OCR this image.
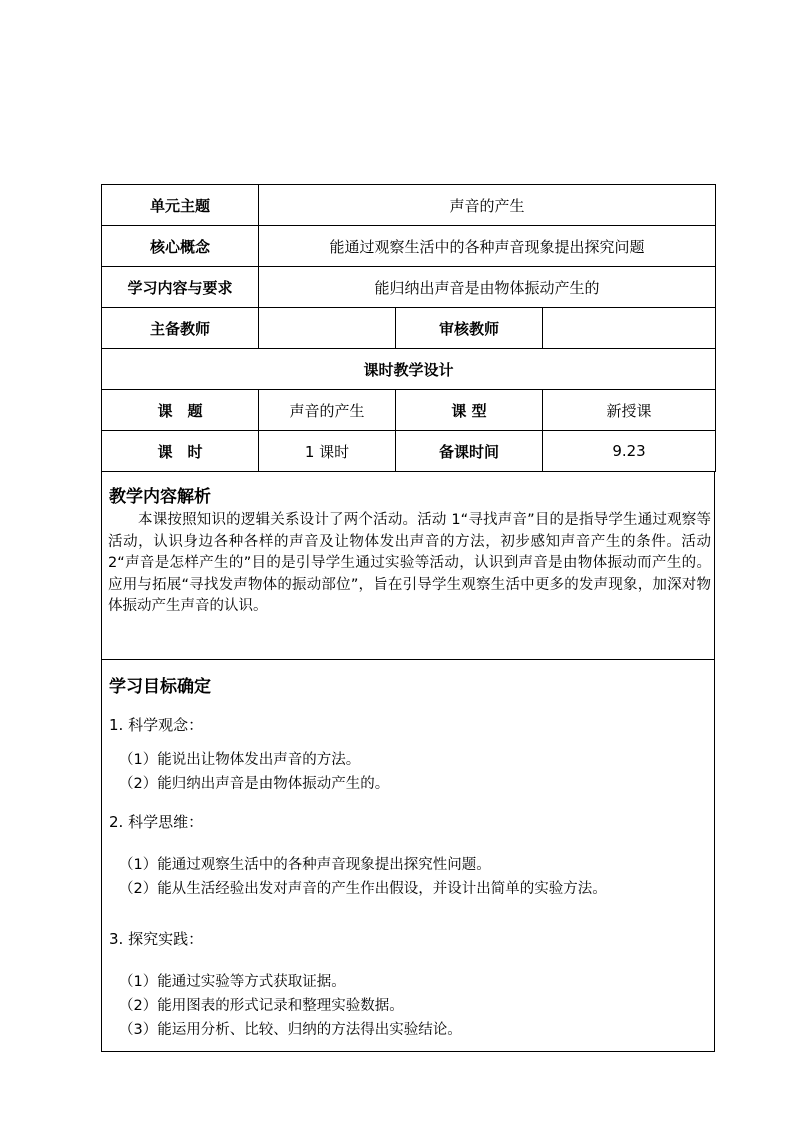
单元主题	声音的产生		
核心概念	能通过观察生活中的各种声音现象提出探究问题		
学习内容与要求	能归纳出声音是由物体振动产生的		
主备教师		审核教师	
课时教学设计			
课　题	声音的产生	课 型	新授课
课　时	1 课时	备课时间	9.23
教学内容解析
本课按照知识的逻辑关系设计了两个活动。活动 1“寻找声音”目的是指导学生通过观察等活动，认识身边各种各样的声音及让物体发出声音的方法，初步感知声音产生的条件。活动 2“声音是怎样产生的”目的是引导学生通过实验等活动，认识到声音是由物体振动而产生的。应用与拓展“寻找发声物体的振动部位”，旨在引导学生观察生活中更多的发声现象，加深对物体振动产生声音的认识。
学习目标确定
1. 科学观念：
（1）能说出让物体发出声音的方法。
（2）能归纳出声音是由物体振动产生的。
2. 科学思维：
（1）能通过观察生活中的各种声音现象提出探究性问题。
（2）能从生活经验出发对声音的产生作出假设，并设计出简单的实验方法。
3. 探究实践：
（1）能通过实验等方式获取证据。
（2）能用图表的形式记录和整理实验数据。
（3）能运用分析、比较、归纳的方法得出实验结论。
